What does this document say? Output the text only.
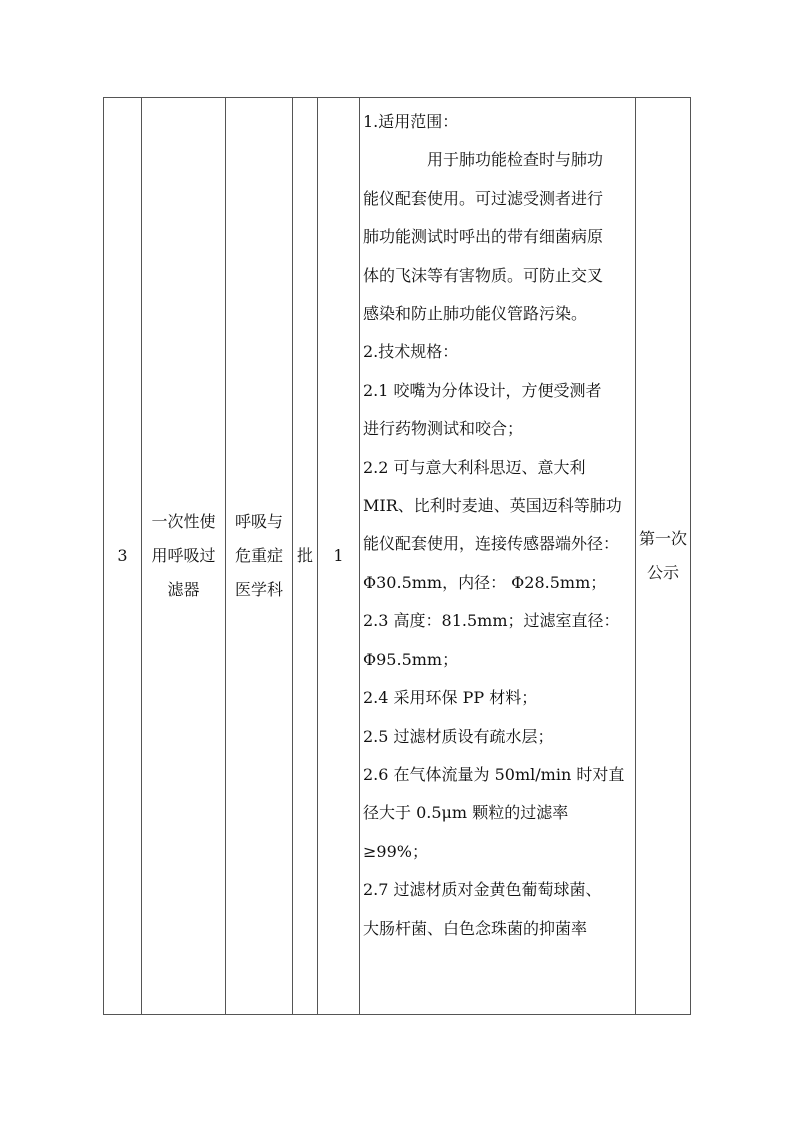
3

一次性使
用呼吸过
滤器

呼吸与
危重症
医学科

批	1

1.适用范围：
用于肺功能检查时与肺功
能仪配套使用。可过滤受测者进行
肺功能测试时呼出的带有细菌病原
体的飞沫等有害物质。可防止交叉
感染和防止肺功能仪管路污染。
2.技术规格：
2.1 咬嘴为分体设计，方便受测者
进行药物测试和咬合；
2.2 可与意大利科思迈、意大利
MIR、比利时麦迪、英国迈科等肺功
能仪配套使用，连接传感器端外径：
Φ30.5mm，内径： Φ28.5mm；
2.3 高度：81.5mm；过滤室直径：
Φ95.5mm；
2.4 采用环保 PP 材料；
2.5 过滤材质设有疏水层；
2.6 在气体流量为 50ml/min 时对直
径大于 0.5μm 颗粒的过滤率
≥99%；
2.7 过滤材质对金黄色葡萄球菌、
大肠杆菌、白色念珠菌的抑菌率

第一次
公示
